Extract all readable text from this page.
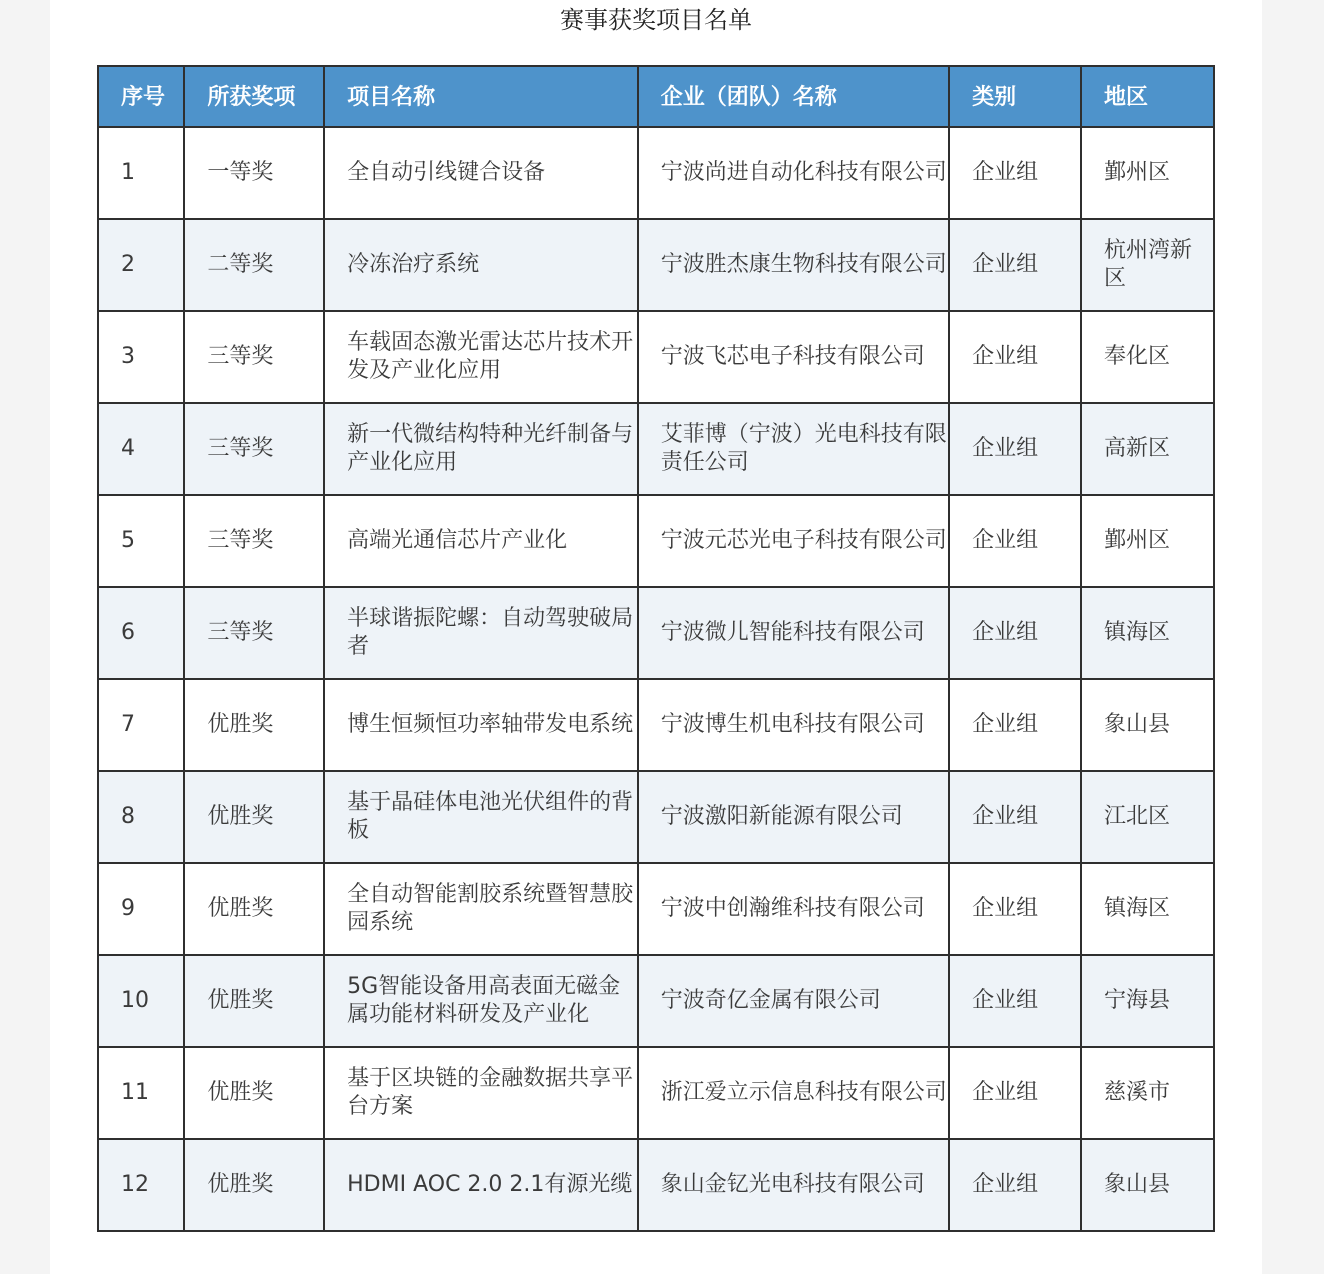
赛事获奖项目名单
序号	所获奖项	项目名称	企业（团队）名称	类别	地区

1	一等奖	全自动引线键合设备	宁波尚进自动化科技有限公司	企业组	鄞州区

2	二等奖	冷冻治疗系统	宁波胜杰康生物科技有限公司	企业组	杭州湾新区

3	三等奖	车载固态激光雷达芯片技术开发及产业化应用	宁波飞芯电子科技有限公司	企业组	奉化区

4	三等奖	新一代微结构特种光纤制备与产业化应用	艾菲博（宁波）光电科技有限责任公司	企业组	高新区

5	三等奖	高端光通信芯片产业化	宁波元芯光电子科技有限公司	企业组	鄞州区

6	三等奖	半球谐振陀螺：自动驾驶破局者	宁波微儿智能科技有限公司	企业组	镇海区

7	优胜奖	博生恒频恒功率轴带发电系统	宁波博生机电科技有限公司	企业组	象山县

8	优胜奖	基于晶硅体电池光伏组件的背板	宁波激阳新能源有限公司	企业组	江北区

9	优胜奖	全自动智能割胶系统暨智慧胶园系统	宁波中创瀚维科技有限公司	企业组	镇海区

10	优胜奖	5G智能设备用高表面无磁金属功能材料研发及产业化	宁波奇亿金属有限公司	企业组	宁海县

11	优胜奖	基于区块链的金融数据共享平台方案	浙江爱立示信息科技有限公司	企业组	慈溪市

12	优胜奖	HDMI AOC 2.0 2.1有源光缆	象山金钇光电科技有限公司	企业组	象山县
